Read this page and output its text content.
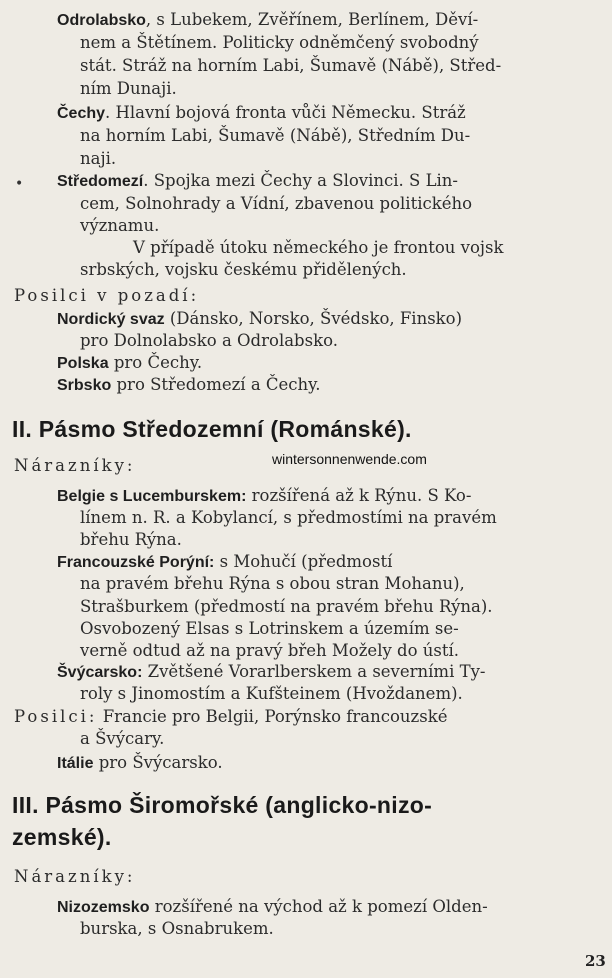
Odrolabsko, s Lubekem, Zvěřínem, Berlínem, Děví-
nem a Štětínem. Politicky odněmčený svobodný
stát. Stráž na horním Labi, Šumavě (Nábě), Střed-
ním Dunaji.
Čechy. Hlavní bojová fronta vůči Německu. Stráž
na horním Labi, Šumavě (Nábě), Středním Du-
naji.
• Středomezí. Spojka mezi Čechy a Slovinci. S Lin-
cem, Solnohrady a Vídní, zbavenou politického
významu.
V případě útoku německého je frontou vojsk
srbských, vojsku českému přidělených.
Posilci v pozadí:
Nordický svaz (Dánsko, Norsko, Švédsko, Finsko)
pro Dolnolabsko a Odrolabsko.
Polska pro Čechy.
Srbsko pro Středomezí a Čechy.
II. Pásmo Středozemní (Románské).
Nárazníky:	wintersonnenwende.com
Belgie s Lucemburskem: rozšířená až k Rýnu. S Ko-
línem n. R. a Kobylancí, s předmostími na pravém
břehu Rýna.
Francouzské Porýní: s Mohučí (předmostí
na pravém břehu Rýna s obou stran Mohanu),
Strašburkem (předmostí na pravém břehu Rýna).
Osvobozený Elsas s Lotrinskem a územím se-
verně odtud až na pravý břeh Možely do ústí.
Švýcarsko: Zvětšené Vorarlberskem a severními Ty-
roly s Jinomostím a Kufšteinem (Hvoždanem).
Posilci: Francie pro Belgii, Porýnsko francouzské
a Švýcary.
Itálie pro Švýcarsko.
III. Pásmo Širomořské (anglicko-nizo-
zemské).
Nárazníky:
Nizozemsko rozšířené na východ až k pomezí Olden-
burska, s Osnabrukem.
23
